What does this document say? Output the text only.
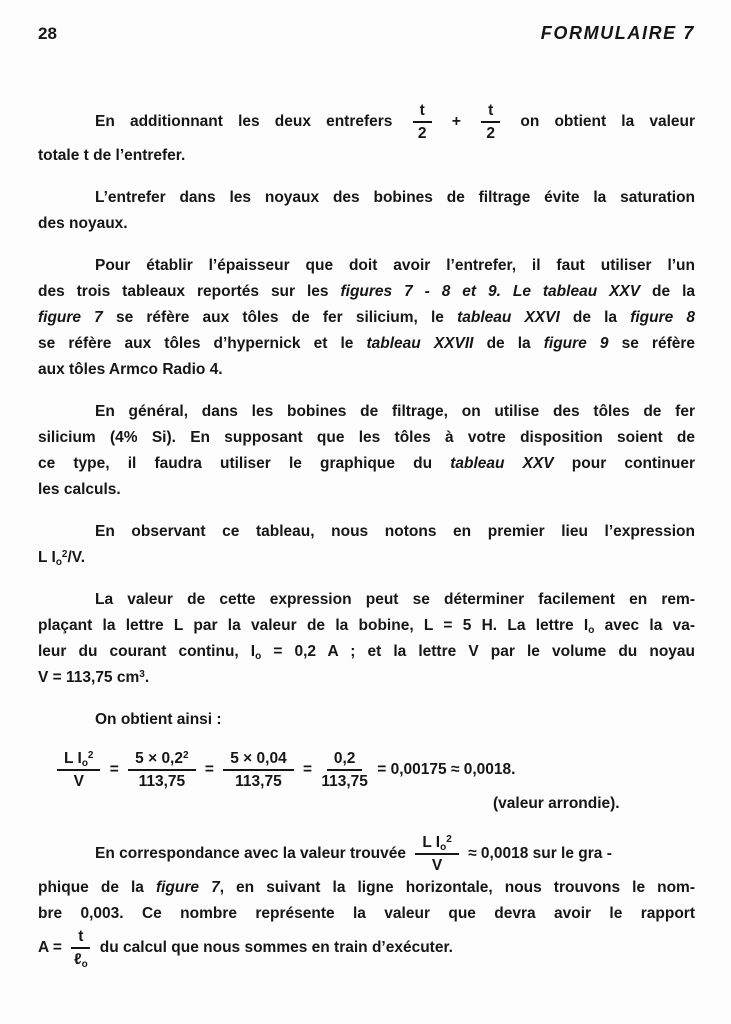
28	FORMULAIRE 7
En additionnant les deux entrefers $\frac{t}{2} + \frac{t}{2}$ on obtient la valeur
totale t de l’entrefer.
L’entrefer dans les noyaux des bobines de filtrage évite la saturation
des noyaux.
Pour établir l’épaisseur que doit avoir l’entrefer, il faut utiliser l’un
des trois tableaux reportés sur les figures 7 - 8 et 9. Le tableau XXV de la
figure 7 se réfère aux tôles de fer silicium, le tableau XXVI de la figure 8
se réfère aux tôles d’hypernick et le tableau XXVII de la figure 9 se réfère
aux tôles Armco Radio 4.
En général, dans les bobines de filtrage, on utilise des tôles de fer
silicium (4% Si). En supposant que les tôles à votre disposition soient de
ce type, il faudra utiliser le graphique du tableau XXV pour continuer
les calculs.
En observant ce tableau, nous notons en premier lieu l’expression
L $I_o^2/V$.
La valeur de cette expression peut se déterminer facilement en rem-
plaçant la lettre L par la valeur de la bobine, L = 5 H. La lettre $I_o$ avec la va-
leur du courant continu, $I_o = 0,2$ A ; et la lettre V par le volume du noyau
V = 113,75 $cm^3$.
On obtient ainsi :
$\frac{L I_o^2}{V} = \frac{5 \times 0,2^2}{113,75} = \frac{5 \times 0,04}{113,75} = \frac{0,2}{113,75} = 0,00175 \approx 0,0018$.
(valeur arrondie).
En correspondance avec la valeur trouvée $\frac{L I_o^2}{V} \approx 0,0018$ sur le gra -
phique de la figure 7, en suivant la ligne horizontale, nous trouvons le nom-
bre 0,003. Ce nombre représente la valeur que devra avoir le rapport
$A = \frac{t}{\ell_o}$ du calcul que nous sommes en train d’exécuter.
